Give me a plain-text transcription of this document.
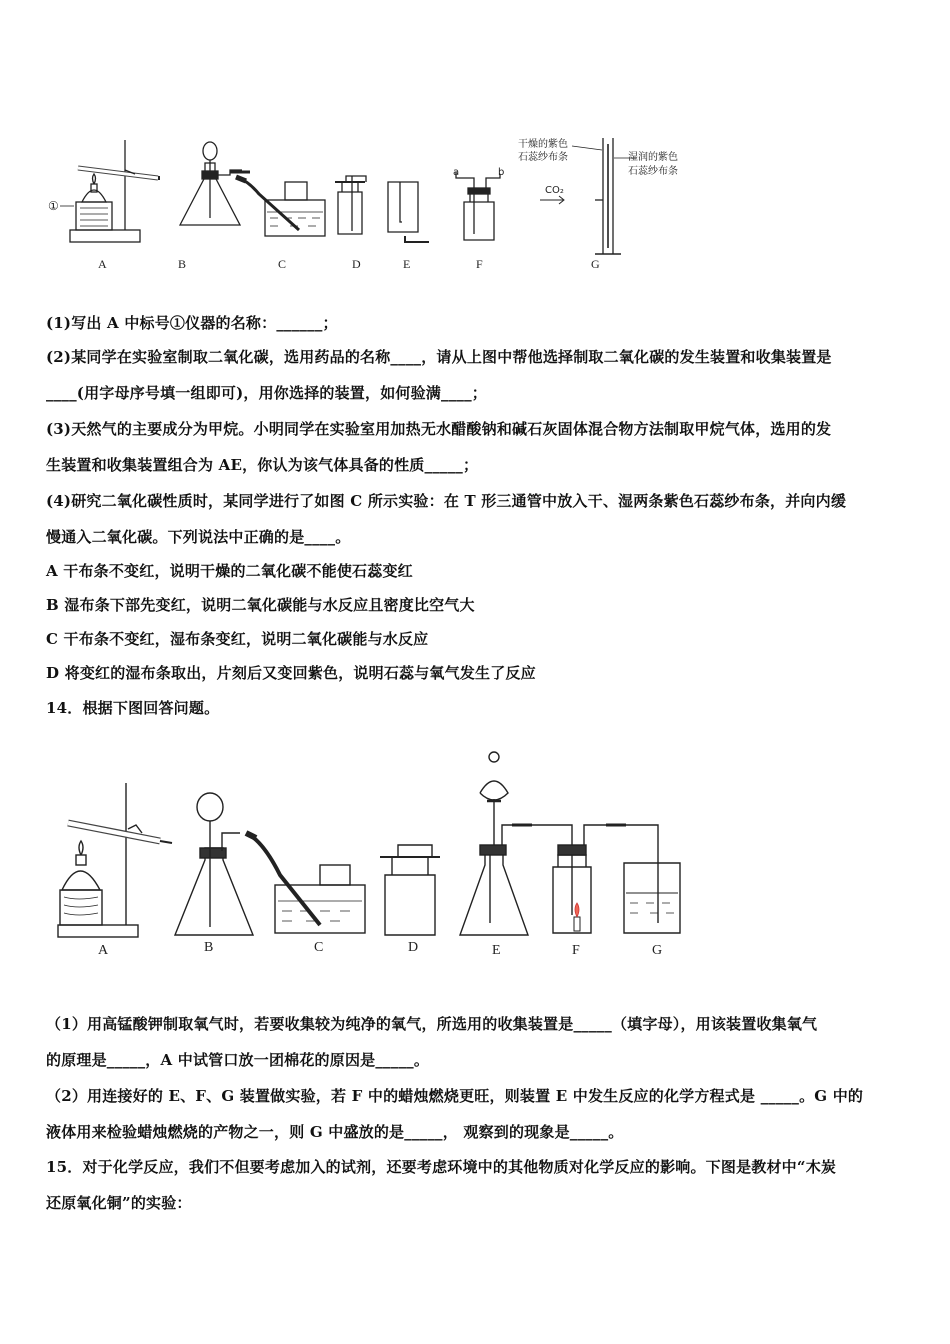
①
a	b
干燥的紫色
石蕊纱布条	湿润的紫色
石蕊纱布条
CO₂
A	B	C	D	E	F	G
(1)写出 A 中标号①仪器的名称：______；
(2)某同学在实验室制取二氧化碳，选用药品的名称____，请从上图中帮他选择制取二氧化碳的发生装置和收集装置是
____(用字母序号填一组即可)，用你选择的装置，如何验满____；
(3)天然气的主要成分为甲烷。小明同学在实验室用加热无水醋酸钠和碱石灰固体混合物方法制取甲烷气体，选用的发
生装置和收集装置组合为 AE，你认为该气体具备的性质_____；
(4)研究二氧化碳性质时，某同学进行了如图 C 所示实验：在 T 形三通管中放入干、湿两条紫色石蕊纱布条，并向内缓
慢通入二氧化碳。下列说法中正确的是____。
A 干布条不变红，说明干燥的二氧化碳不能使石蕊变红
B 湿布条下部先变红，说明二氧化碳能与水反应且密度比空气大
C 干布条不变红，湿布条变红，说明二氧化碳能与水反应
D 将变红的湿布条取出，片刻后又变回紫色，说明石蕊与氧气发生了反应
14．根据下图回答问题。
A	B	C	D	E	F	G
（1）用高锰酸钾制取氧气时，若要收集较为纯净的氧气，所选用的收集装置是_____（填字母），用该装置收集氧气
的原理是_____，A 中试管口放一团棉花的原因是_____。
（2）用连接好的 E、F、G 装置做实验，若 F 中的蜡烛燃烧更旺，则装置 E 中发生反应的化学方程式是 _____。G 中的
液体用来检验蜡烛燃烧的产物之一，则 G 中盛放的是_____， 观察到的现象是_____。
15．对于化学反应，我们不但要考虑加入的试剂，还要考虑环境中的其他物质对化学反应的影响。下图是教材中“木炭
还原氧化铜”的实验：
